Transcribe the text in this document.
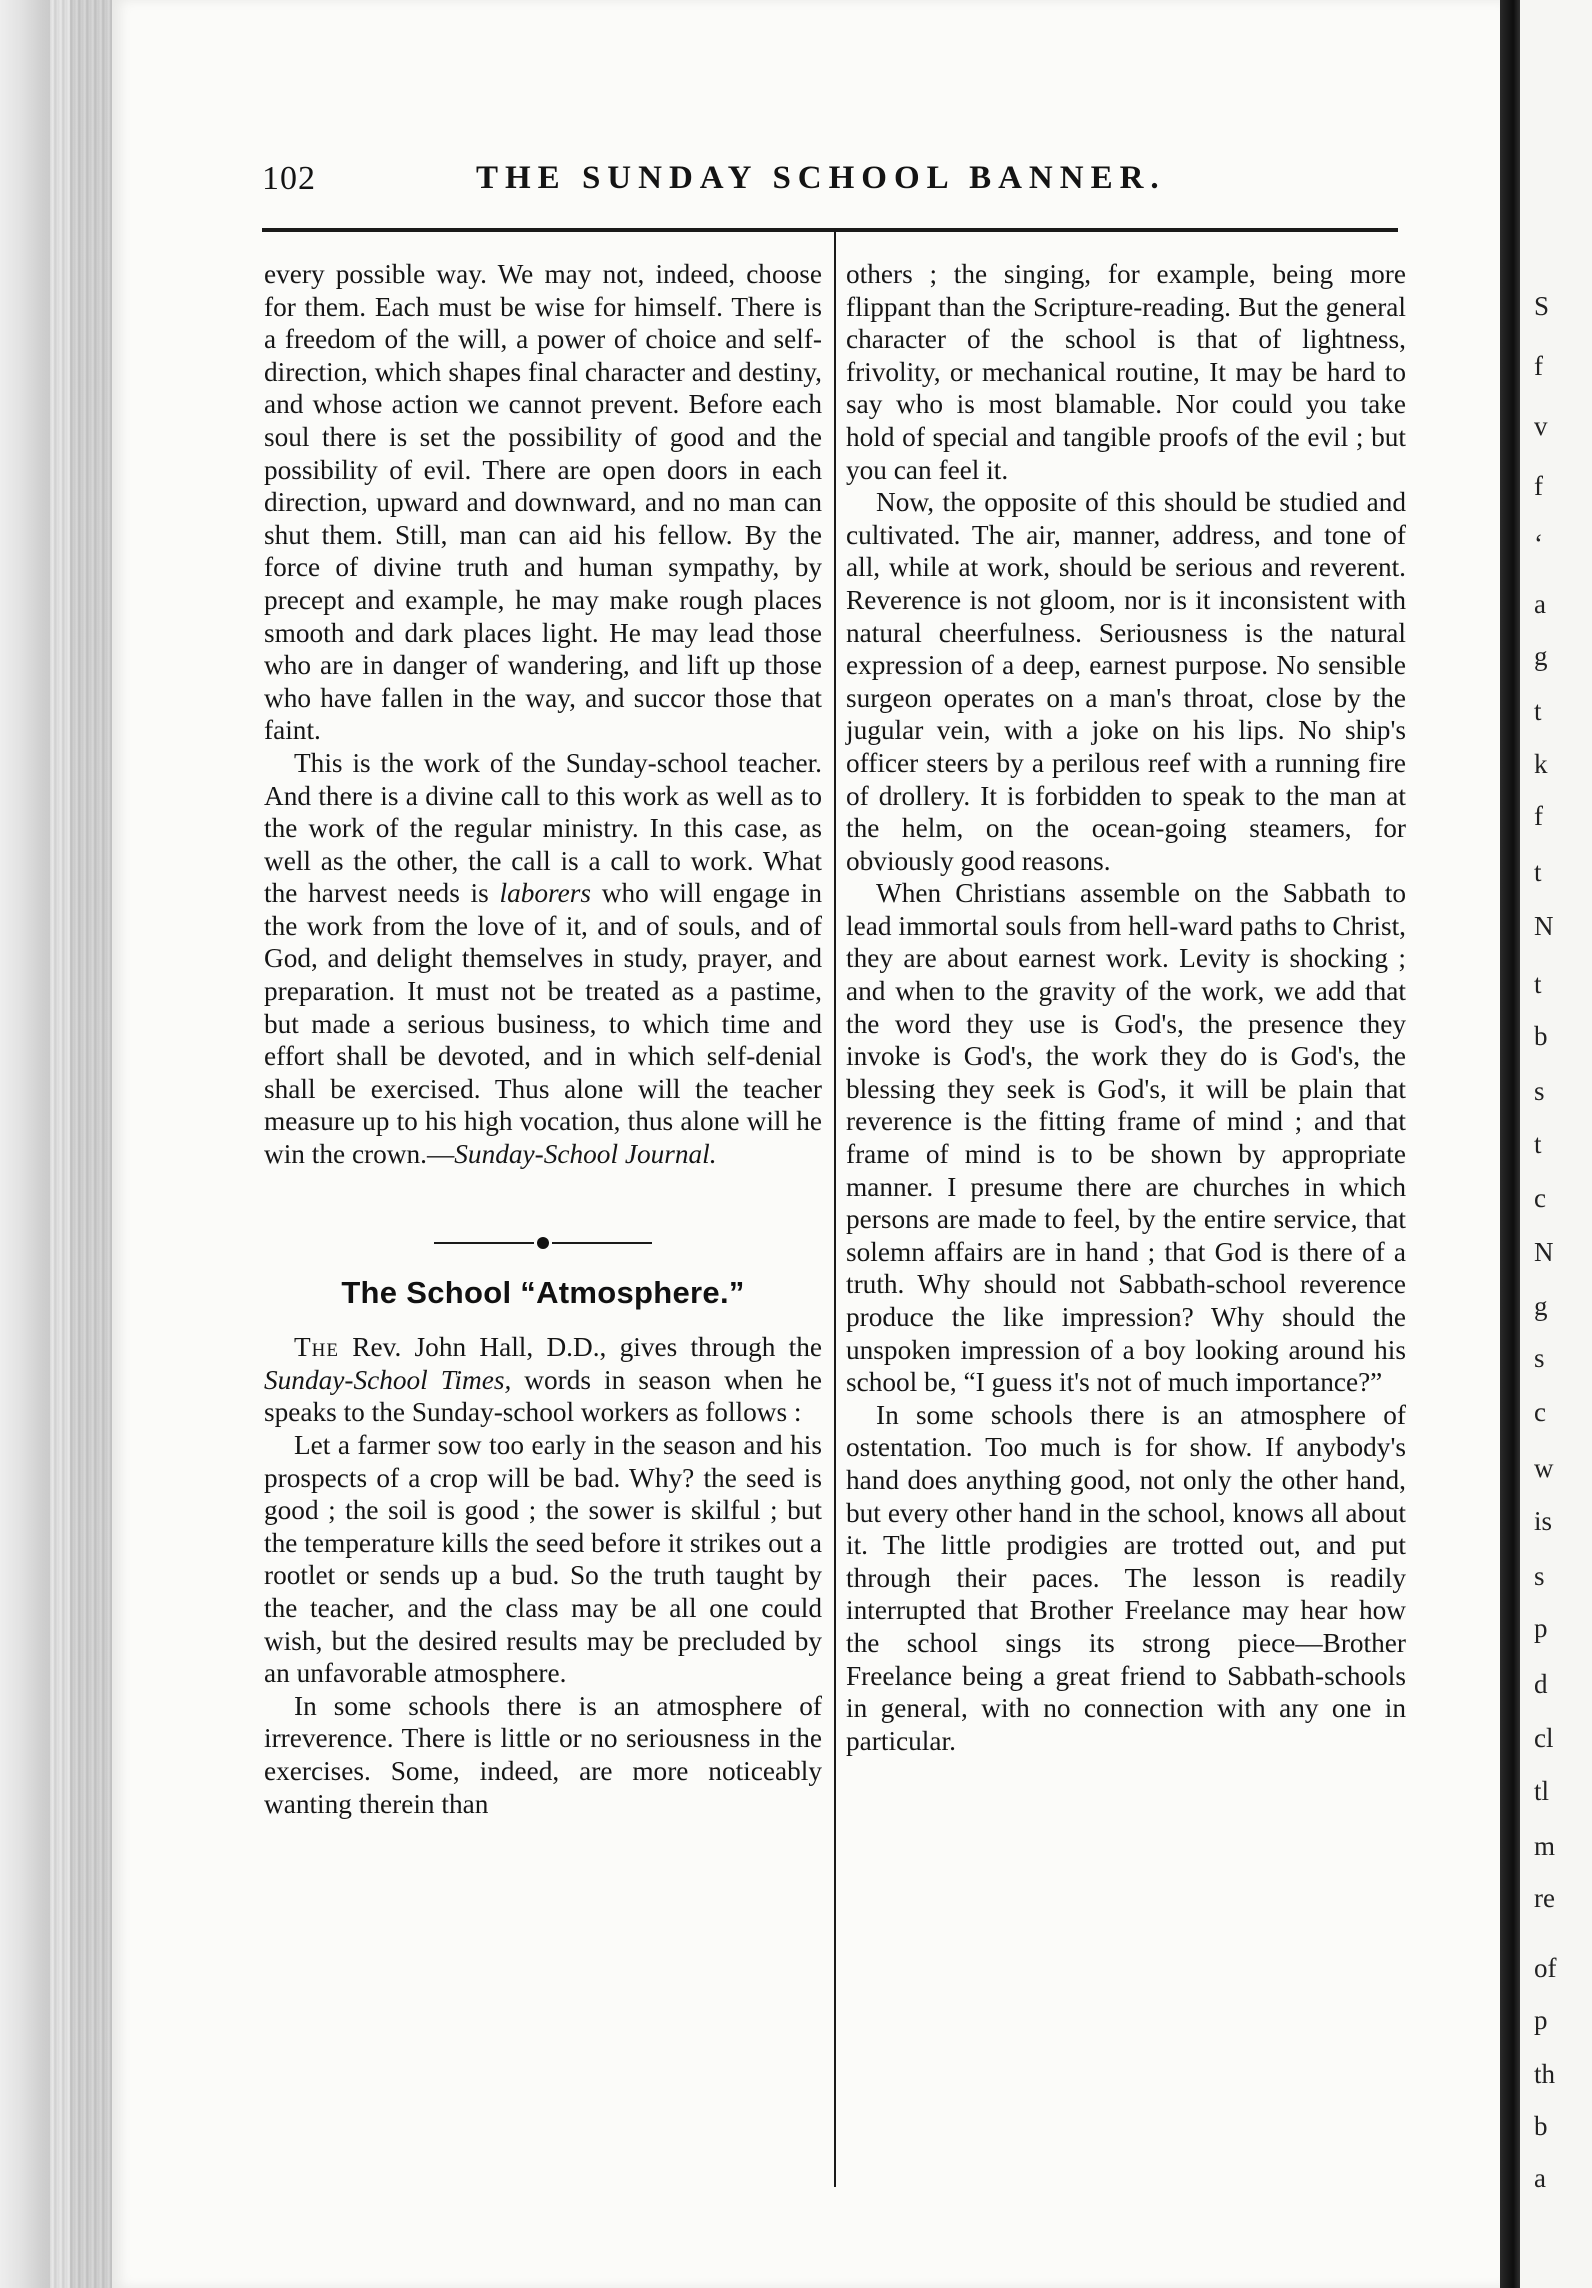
102	THE SUNDAY SCHOOL BANNER.

every possible way. We may not, indeed, choose for them. Each must be wise for himself. There is a freedom of the will, a power of choice and self-direction, which shapes final character and destiny, and whose action we cannot prevent. Before each soul there is set the possibility of good and the possibility of evil. There are open doors in each direction, upward and downward, and no man can shut them. Still, man can aid his fellow. By the force of divine truth and human sympathy, by precept and example, he may make rough places smooth and dark places light. He may lead those who are in danger of wandering, and lift up those who have fallen in the way, and succor those that faint.

This is the work of the Sunday-school teacher. And there is a divine call to this work as well as to the work of the regular ministry. In this case, as well as the other, the call is a call to work. What the harvest needs is laborers who will engage in the work from the love of it, and of souls, and of God, and delight themselves in study, prayer, and preparation. It must not be treated as a pastime, but made a serious business, to which time and effort shall be devoted, and in which self-denial shall be exercised. Thus alone will the teacher measure up to his high vocation, thus alone will he win the crown.—Sunday-School Journal.

The School “Atmosphere.”

The Rev. John Hall, D.D., gives through the Sunday-School Times, words in season when he speaks to the Sunday-school workers as follows :

Let a farmer sow too early in the season and his prospects of a crop will be bad. Why? the seed is good ; the soil is good ; the sower is skilful ; but the temperature kills the seed before it strikes out a rootlet or sends up a bud. So the truth taught by the teacher, and the class may be all one could wish, but the desired results may be precluded by an unfavorable atmosphere.

In some schools there is an atmosphere of irreverence. There is little or no seriousness in the exercises. Some, indeed, are more noticeably wanting therein than

others ; the singing, for example, being more flippant than the Scripture-reading. But the general character of the school is that of lightness, frivolity, or mechanical routine, It may be hard to say who is most blamable. Nor could you take hold of special and tangible proofs of the evil ; but you can feel it.

Now, the opposite of this should be studied and cultivated. The air, manner, address, and tone of all, while at work, should be serious and reverent. Reverence is not gloom, nor is it inconsistent with natural cheerfulness. Seriousness is the natural expression of a deep, earnest purpose. No sensible surgeon operates on a man's throat, close by the jugular vein, with a joke on his lips. No ship's officer steers by a perilous reef with a running fire of drollery. It is forbidden to speak to the man at the helm, on the ocean-going steamers, for obviously good reasons.

When Christians assemble on the Sabbath to lead immortal souls from hell-ward paths to Christ, they are about earnest work. Levity is shocking ; and when to the gravity of the work, we add that the word they use is God's, the presence they invoke is God's, the work they do is God's, the blessing they seek is God's, it will be plain that reverence is the fitting frame of mind ; and that frame of mind is to be shown by appropriate manner. I presume there are churches in which persons are made to feel, by the entire service, that solemn affairs are in hand ; that God is there of a truth. Why should not Sabbath-school reverence produce the like impression? Why should the unspoken impression of a boy looking around his school be, “I guess it's not of much importance?”

In some schools there is an atmosphere of ostentation. Too much is for show. If anybody's hand does anything good, not only the other hand, but every other hand in the school, knows all about it. The little prodigies are trotted out, and put through their paces. The lesson is readily interrupted that Brother Freelance may hear how the school sings its strong piece—Brother Freelance being a great friend to Sabbath-schools in general, with no connection with any one in particular.

S
f
v
f
‘
a
g
t
k
f
t
N
t
b
s
t
c
N
g
s
c
w
is
s
p
d
cl
tl
m
re
of
p
th
b
a
